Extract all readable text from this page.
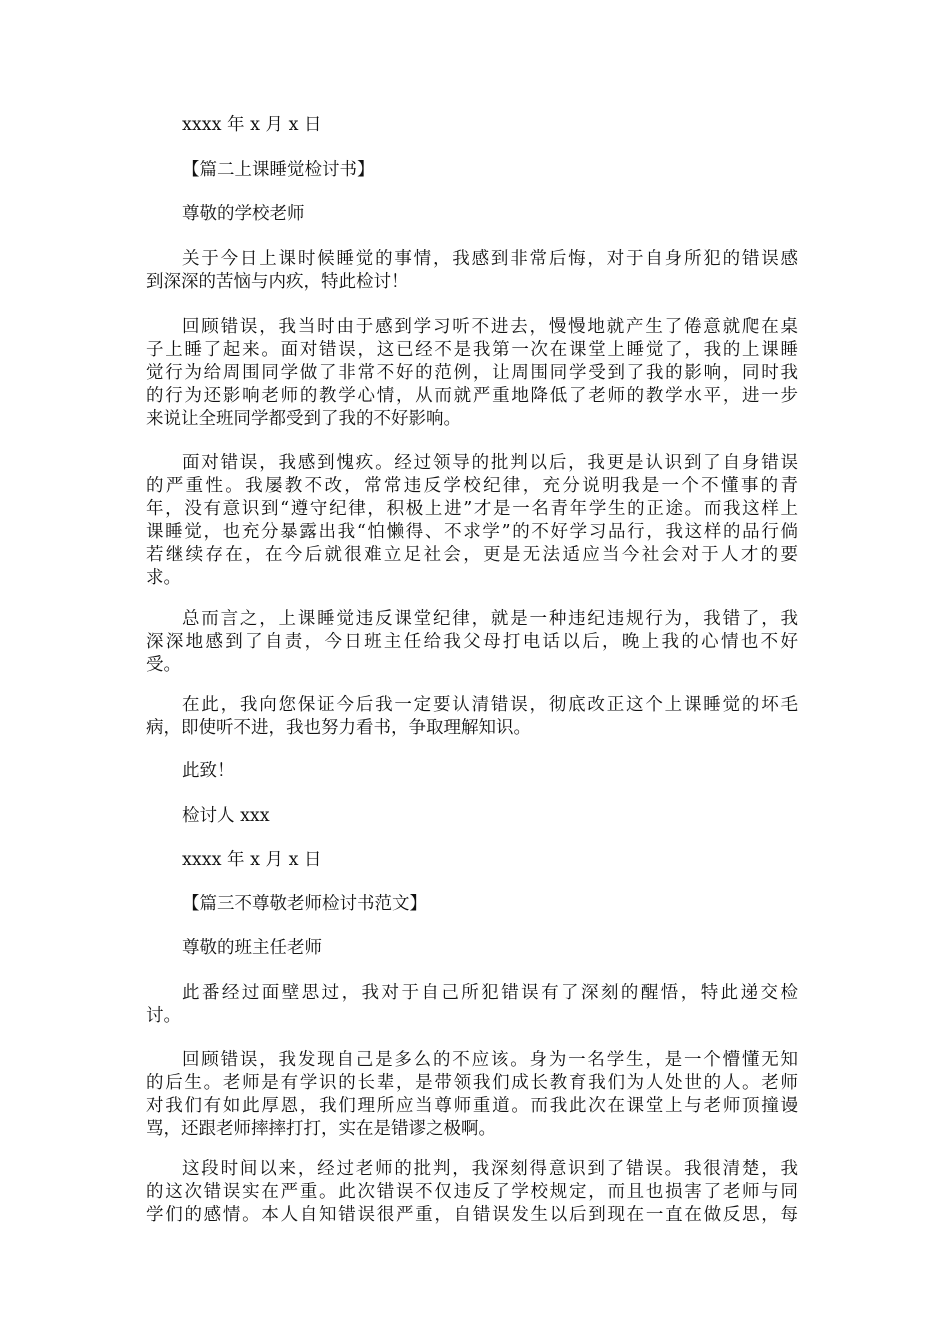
xxxx 年 x 月 x 日
【篇二上课睡觉检讨书】
尊敬的学校老师
关于今日上课时候睡觉的事情，我感到非常后悔，对于自身所犯的错误感
到深深的苦恼与内疚，特此检讨！
回顾错误，我当时由于感到学习听不进去，慢慢地就产生了倦意就爬在桌
子上睡了起来。面对错误，这已经不是我第一次在课堂上睡觉了，我的上课睡
觉行为给周围同学做了非常不好的范例，让周围同学受到了我的影响，同时我
的行为还影响老师的教学心情，从而就严重地降低了老师的教学水平，进一步
来说让全班同学都受到了我的不好影响。
面对错误，我感到愧疚。经过领导的批判以后，我更是认识到了自身错误
的严重性。我屡教不改，常常违反学校纪律，充分说明我是一个不懂事的青
年，没有意识到“遵守纪律，积极上进”才是一名青年学生的正途。而我这样上
课睡觉，也充分暴露出我“怕懒得、不求学”的不好学习品行，我这样的品行倘
若继续存在，在今后就很难立足社会，更是无法适应当今社会对于人才的要
求。
总而言之，上课睡觉违反课堂纪律，就是一种违纪违规行为，我错了，我
深深地感到了自责，今日班主任给我父母打电话以后，晚上我的心情也不好
受。
在此，我向您保证今后我一定要认清错误，彻底改正这个上课睡觉的坏毛
病，即使听不进，我也努力看书，争取理解知识。
此致！
检讨人 xxx
xxxx 年 x 月 x 日
【篇三不尊敬老师检讨书范文】
尊敬的班主任老师
此番经过面壁思过，我对于自己所犯错误有了深刻的醒悟，特此递交检
讨。
回顾错误，我发现自己是多么的不应该。身为一名学生，是一个懵懂无知
的后生。老师是有学识的长辈，是带领我们成长教育我们为人处世的人。老师
对我们有如此厚恩，我们理所应当尊师重道。而我此次在课堂上与老师顶撞谩
骂，还跟老师摔摔打打，实在是错谬之极啊。
这段时间以来，经过老师的批判，我深刻得意识到了错误。我很清楚，我
的这次错误实在严重。此次错误不仅违反了学校规定，而且也损害了老师与同
学们的感情。本人自知错误很严重，自错误发生以后到现在一直在做反思，每
